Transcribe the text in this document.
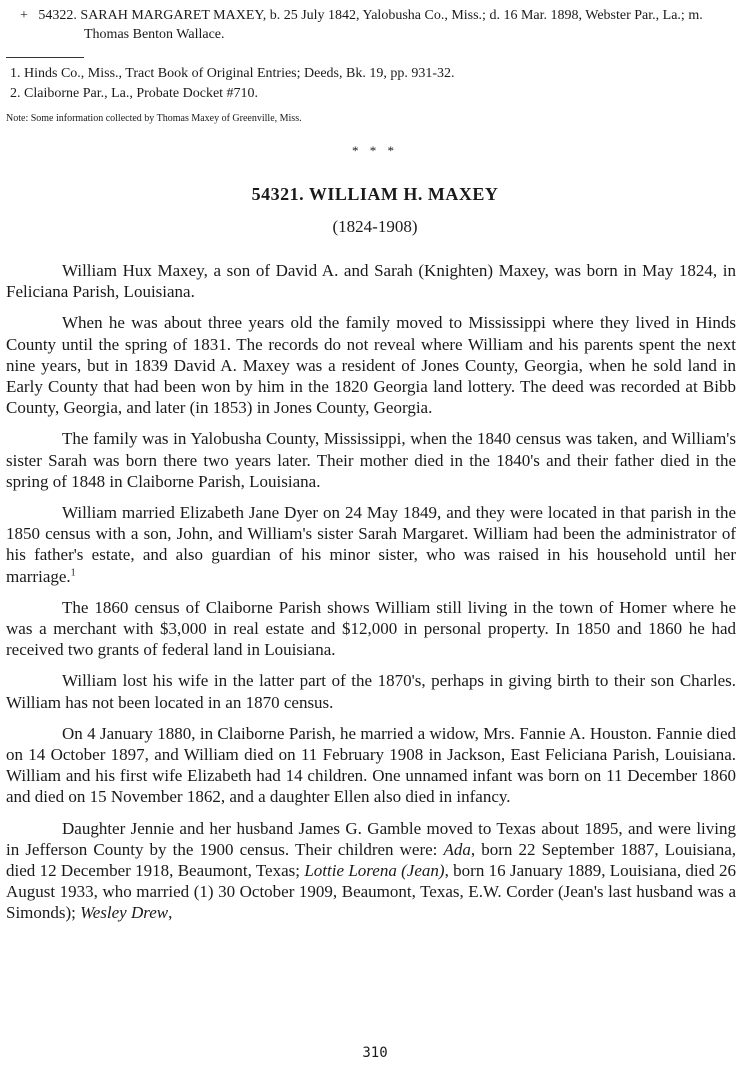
+ 54322. SARAH MARGARET MAXEY, b. 25 July 1842, Yalobusha Co., Miss.; d. 16 Mar. 1898, Webster Par., La.; m. Thomas Benton Wallace.

1. Hinds Co., Miss., Tract Book of Original Entries; Deeds, Bk. 19, pp. 931-32.

2. Claiborne Par., La., Probate Docket #710.

Note: Some information collected by Thomas Maxey of Greenville, Miss.
* * *
54321. WILLIAM H. MAXEY
(1824-1908)

William Hux Maxey, a son of David A. and Sarah (Knighten) Maxey, was born in May 1824, in Feliciana Parish, Louisiana.

When he was about three years old the family moved to Mississippi where they lived in Hinds County until the spring of 1831. The records do not reveal where William and his parents spent the next nine years, but in 1839 David A. Maxey was a resident of Jones County, Georgia, when he sold land in Early County that had been won by him in the 1820 Georgia land lottery. The deed was recorded at Bibb County, Georgia, and later (in 1853) in Jones County, Georgia.

The family was in Yalobusha County, Mississippi, when the 1840 census was taken, and William's sister Sarah was born there two years later. Their mother died in the 1840's and their father died in the spring of 1848 in Claiborne Parish, Louisiana.

William married Elizabeth Jane Dyer on 24 May 1849, and they were located in that parish in the 1850 census with a son, John, and William's sister Sarah Margaret. William had been the administrator of his father's estate, and also guardian of his minor sister, who was raised in his household until her marriage.$^1$

The 1860 census of Claiborne Parish shows William still living in the town of Homer where he was a merchant with $3,000 in real estate and $12,000 in personal property. In 1850 and 1860 he had received two grants of federal land in Louisiana.

William lost his wife in the latter part of the 1870's, perhaps in giving birth to their son Charles. William has not been located in an 1870 census.

On 4 January 1880, in Claiborne Parish, he married a widow, Mrs. Fannie A. Houston. Fannie died on 14 October 1897, and William died on 11 February 1908 in Jackson, East Feliciana Parish, Louisiana. William and his first wife Elizabeth had 14 children. One unnamed infant was born on 11 December 1860 and died on 15 November 1862, and a daughter Ellen also died in infancy.

Daughter Jennie and her husband James G. Gamble moved to Texas about 1895, and were living in Jefferson County by the 1900 census. Their children were: Ada, born 22 September 1887, Louisiana, died 12 December 1918, Beaumont, Texas; Lottie Lorena (Jean), born 16 January 1889, Louisiana, died 26 August 1933, who married (1) 30 October 1909, Beaumont, Texas, E.W. Corder (Jean's last husband was a Simonds); Wesley Drew,

310
